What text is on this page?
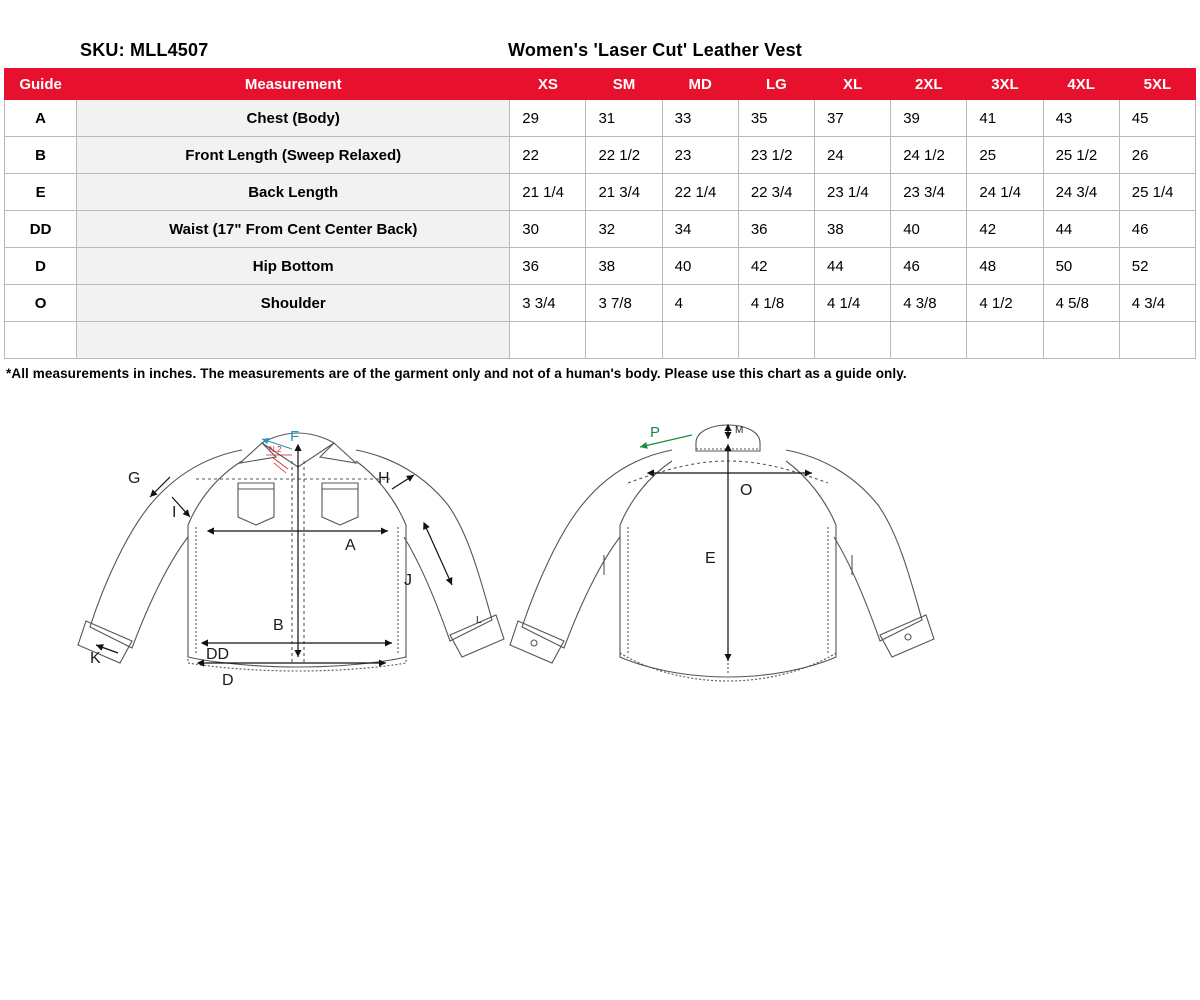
SKU: MLL4507	Women's 'Laser Cut' Leather Vest
Guide	Measurement	XS	SM	MD	LG	XL	2XL	3XL	4XL	5XL
A	Chest (Body)	29	31	33	35	37	39	41	43	45
B	Front Length (Sweep Relaxed)	22	22 1/2	23	23 1/2	24	24 1/2	25	25 1/2	26
E	Back Length	21 1/4	21 3/4	22 1/4	22 3/4	23 1/4	23 3/4	24 1/4	24 3/4	25 1/4
DD	Waist (17" From Cent Center Back)	30	32	34	36	38	40	42	44	46
D	Hip Bottom	36	38	40	42	44	46	48	50	52
O	Shoulder	3 3/4	3 7/8	4	4 1/8	4 1/4	4 3/8	4 1/2	4 5/8	4 3/4

*All measurements in inches. The measurements are of the garment only and not of a human's body. Please use this chart as a guide only.
G
I
H
A
J
K
B
DD
D
F
L
N.2
P	M
O
E
